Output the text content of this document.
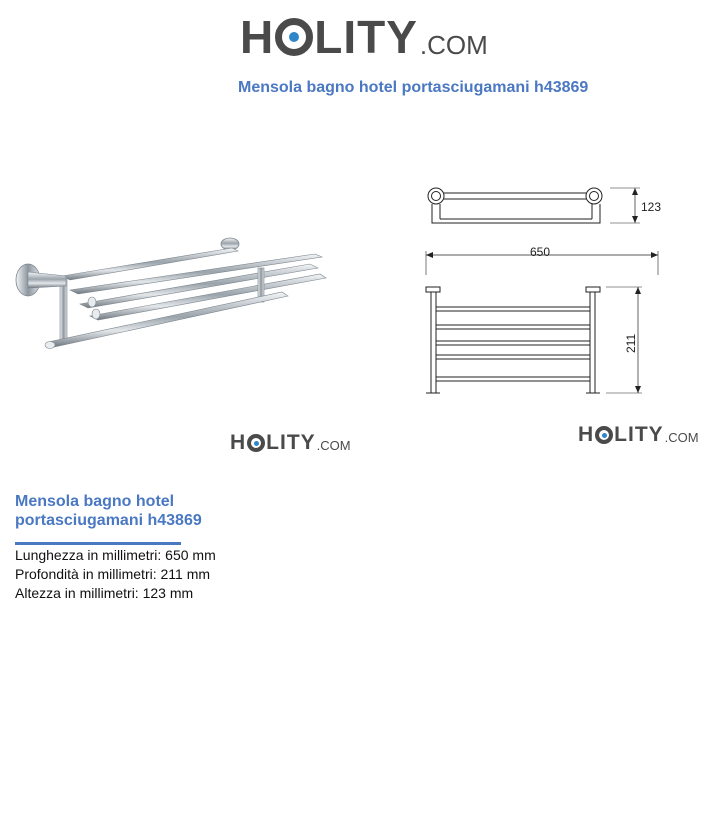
H LITY .COM
Mensola bagno hotel portasciugamani h43869
123
650
211
H LITY .COM	H LITY .COM
Mensola bagno hotel portasciugamani h43869
Lunghezza in millimetri: 650 mm
Profondità in millimetri: 211 mm
Altezza in millimetri: 123 mm
